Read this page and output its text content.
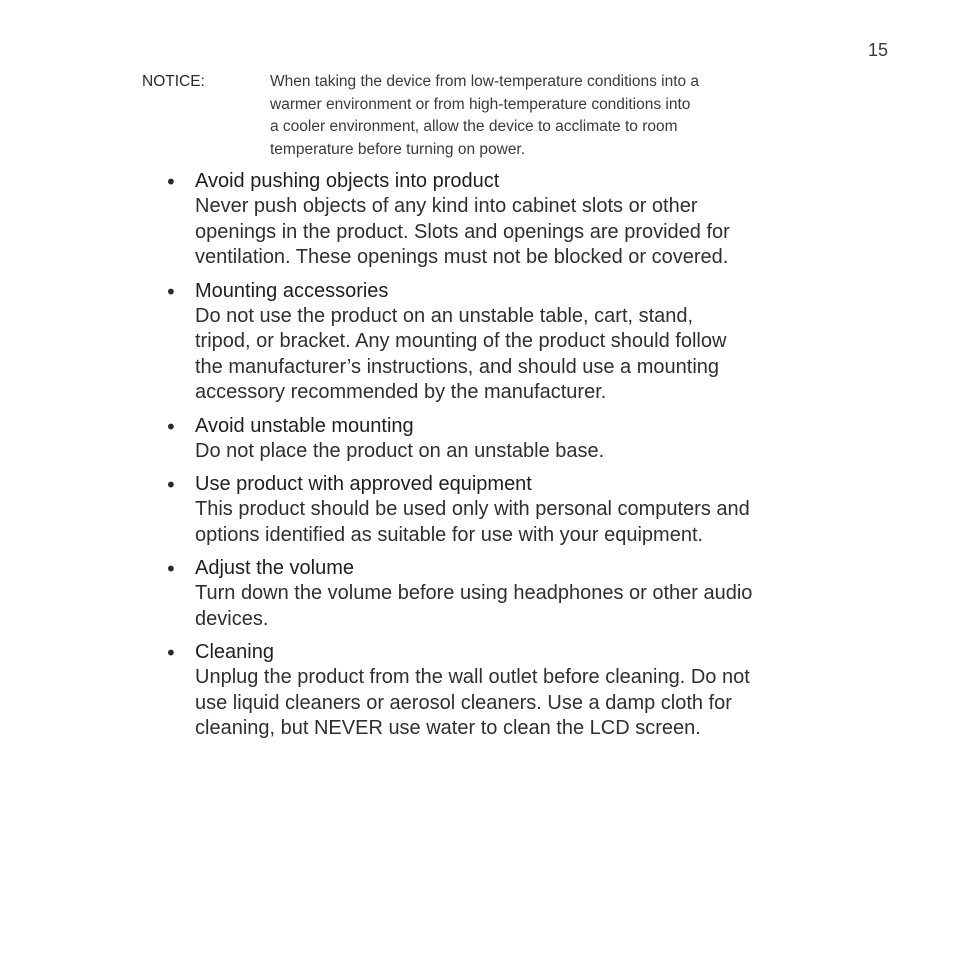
15
NOTICE:	When taking the device from low-temperature conditions into a
warmer environment or from high-temperature conditions into
a cooler environment, allow the device to acclimate to room
temperature before turning on power.
• Avoid pushing objects into product
Never push objects of any kind into cabinet slots or other
openings in the product. Slots and openings are provided for
ventilation. These openings must not be blocked or covered.
• Mounting accessories
Do not use the product on an unstable table, cart, stand,
tripod, or bracket. Any mounting of the product should follow
the manufacturer’s instructions, and should use a mounting
accessory recommended by the manufacturer.
• Avoid unstable mounting
Do not place the product on an unstable base.
• Use product with approved equipment
This product should be used only with personal computers and
options identified as suitable for use with your equipment.
• Adjust the volume
Turn down the volume before using headphones or other audio
devices.
• Cleaning
Unplug the product from the wall outlet before cleaning. Do not
use liquid cleaners or aerosol cleaners. Use a damp cloth for
cleaning, but NEVER use water to clean the LCD screen.
